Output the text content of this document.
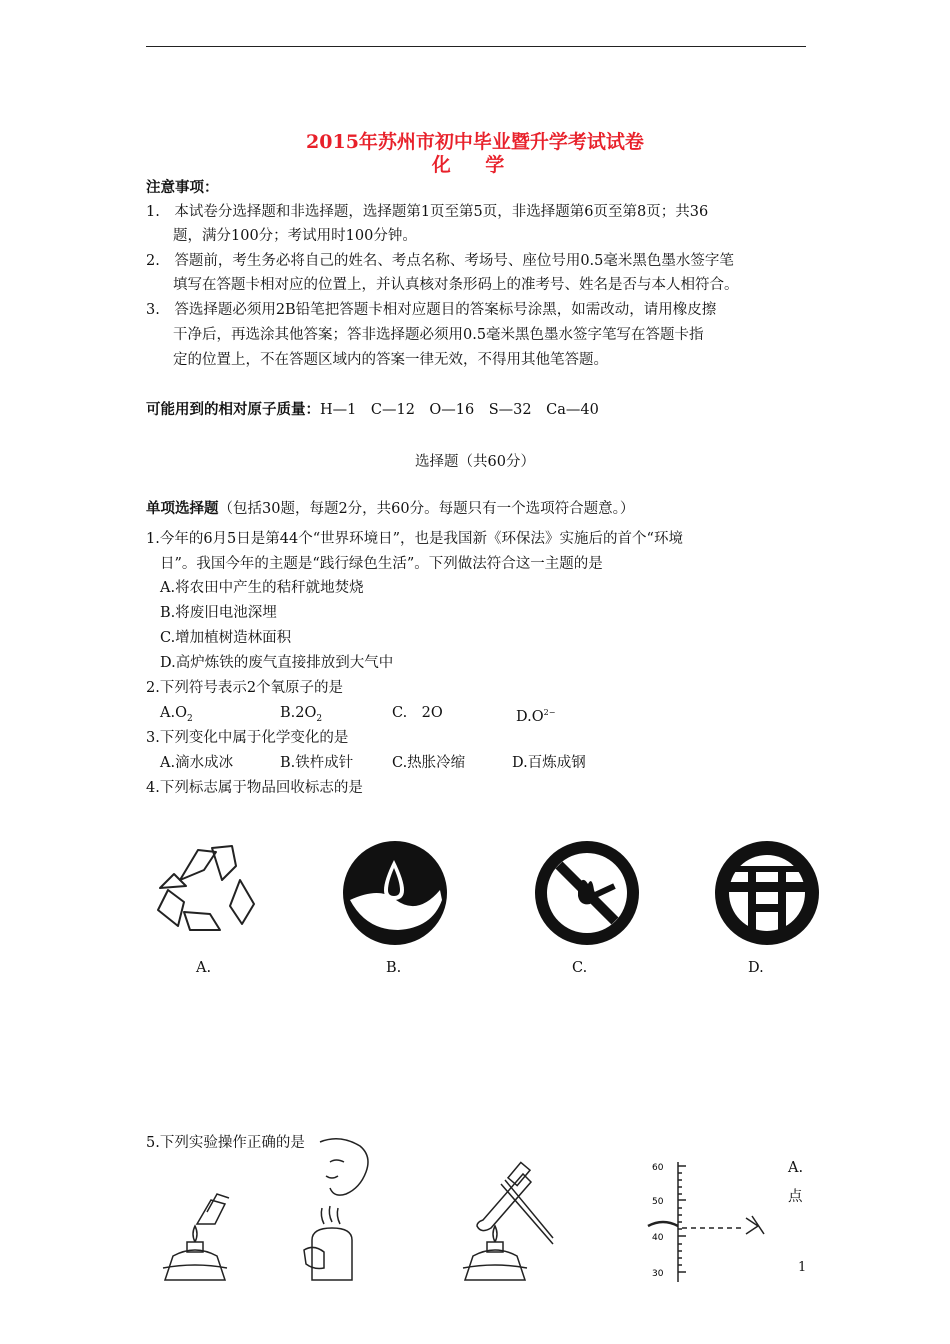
2015年苏州市初中毕业暨升学考试试卷
化 学
注意事项：
1.　本试卷分选择题和非选择题，选择题第1页至第5页，非选择题第6页至第8页；共36
题，满分100分；考试用时100分钟。
2.　答题前，考生务必将自己的姓名、考点名称、考场号、座位号用0.5毫米黑色墨水签字笔
填写在答题卡相对应的位置上，并认真核对条形码上的准考号、姓名是否与本人相符合。
3.　答选择题必须用2B铅笔把答题卡相对应题目的答案标号涂黑，如需改动，请用橡皮擦
干净后，再选涂其他答案；答非选择题必须用0.5毫米黑色墨水签字笔写在答题卡指
定的位置上，不在答题区域内的答案一律无效，不得用其他笔答题。
可能用到的相对原子质量：H—1　C—12　O—16　S—32　Ca—40
选择题（共60分）
单项选择题（包括30题，每题2分，共60分。每题只有一个选项符合题意。）
1.今年的6月5日是第44个“世界环境日”，也是我国新《环保法》实施后的首个“环境
日”。我国今年的主题是“践行绿色生活”。下列做法符合这一主题的是
A.将农田中产生的秸秆就地焚烧
B.将废旧电池深埋
C.增加植树造林面积
D.高炉炼铁的废气直接排放到大气中
2.下列符号表示2个氧原子的是
$A.O_2$	$B.2O_2$	C.　2O	$D.O^{2-}$
3.下列变化中属于化学变化的是
A.滴水成冰	B.铁杵成针	C.热胀冷缩	D.百炼成钢
4.下列标志属于物品回收标志的是
A.	B.	C.	D.
5.下列实验操作正确的是
60
50
40
30
A.
点
1
